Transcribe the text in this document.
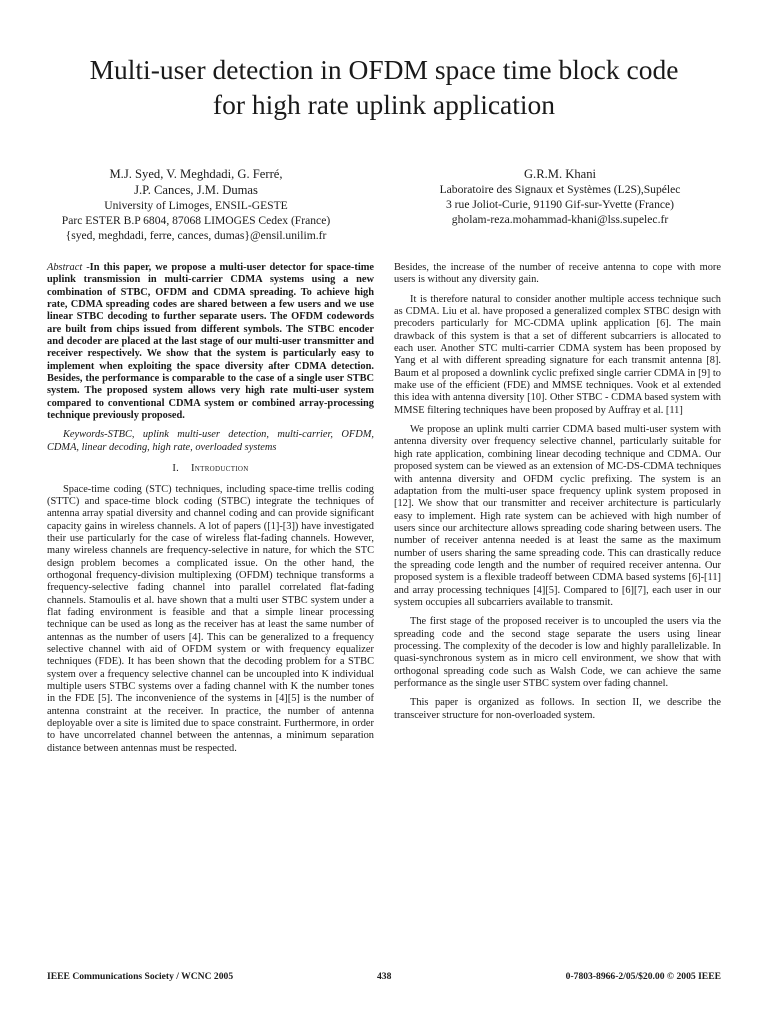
Multi-user detection in OFDM space time block code
for high rate uplink application
M.J. Syed, V. Meghdadi, G. Ferré,
J.P. Cances, J.M. Dumas
University of Limoges, ENSIL-GESTE
Parc ESTER B.P 6804, 87068 LIMOGES Cedex (France)
{syed, meghdadi, ferre, cances, dumas}@ensil.unilim.fr
G.R.M. Khani
Laboratoire des Signaux et Systèmes (L2S),Supélec
3 rue Joliot-Curie, 91190 Gif-sur-Yvette (France)
gholam-reza.mohammad-khani@lss.supelec.fr

Abstract -In this paper, we propose a multi-user detector for space-time uplink transmission in multi-carrier CDMA systems using a new combination of STBC, OFDM and CDMA spreading. To achieve high rate, CDMA spreading codes are shared between a few users and we use linear STBC decoding to further separate users. The OFDM codewords are built from chips issued from different symbols. The STBC encoder and decoder are placed at the last stage of our multi-user transmitter and receiver respectively. We show that the system is particularly easy to implement when exploiting the space diversity after CDMA detection. Besides, the performance is comparable to the case of a single user STBC system. The proposed system allows very high rate multi-user system compared to conventional CDMA system or combined array-processing technique previously proposed.

Keywords-STBC, uplink multi-user detection, multi-carrier, OFDM, CDMA, linear decoding, high rate, overloaded systems

I. Introduction

Space-time coding (STC) techniques, including space-time trellis coding (STTC) and space-time block coding (STBC) integrate the techniques of antenna array spatial diversity and channel coding and can provide significant capacity gains in wireless channels. A lot of papers ([1]-[3]) have investigated their use particularly for the case of wireless flat-fading channels. However, many wireless channels are frequency-selective in nature, for which the STC design problem becomes a complicated issue. On the other hand, the orthogonal frequency-division multiplexing (OFDM) technique transforms a frequency-selective fading channel into parallel correlated flat-fading channels. Stamoulis et al. have shown that a multi user STBC system under a flat fading environment is feasible and that a simple linear processing technique can be used as long as the receiver has at least the same number of antennas as the number of users [4]. This can be generalized to a frequency selective channel with aid of OFDM system or with frequency equalizer techniques (FDE). It has been shown that the decoding problem for a STBC system over a frequency selective channel can be uncoupled into K individual multiple users STBC systems over a fading channel with K the number tones in the FDE [5]. The inconvenience of the systems in [4][5] is the number of antenna constraint at the receiver. In practice, the number of antenna deployable over a site is limited due to space constraint. Furthermore, in order to have uncorrelated channel between the antennas, a minimum separation distance between antennas must be respected.

Besides, the increase of the number of receive antenna to cope with more users is without any diversity gain.

It is therefore natural to consider another multiple access technique such as CDMA. Liu et al. have proposed a generalized complex STBC design with precoders particularly for MC-CDMA uplink application [6]. The main drawback of this system is that a set of different subcarriers is allocated to each user. Another STC multi-carrier CDMA system has been proposed by Yang et al with different spreading signature for each transmit antenna [8]. Baum et al proposed a downlink cyclic prefixed single carrier CDMA in [9] to make use of the efficient (FDE) and MMSE techniques. Vook et al extended this idea with antenna diversity [10]. Other STBC - CDMA based system with MMSE filtering techniques have been proposed by Auffray et al. [11]

We propose an uplink multi carrier CDMA based multi-user system with antenna diversity over frequency selective channel, particularly suitable for high rate application, combining linear decoding technique and CDMA. Our proposed system can be viewed as an extension of MC-DS-CDMA techniques with antenna diversity and OFDM cyclic prefixing. The system is an adaptation from the multi-user space frequency uplink system proposed in [12]. We show that our transmitter and receiver architecture is particularly easy to implement. High rate system can be achieved with high number of users since our architecture allows spreading code sharing between users. The number of receiver antenna needed is at least the same as the maximum number of users sharing the same spreading code. This can drastically reduce the spreading code length and the number of required receiver antenna. Our proposed system is a flexible tradeoff between CDMA based systems [6]-[11] and array processing techniques [4][5]. Compared to [6][7], each user in our system occupies all subcarriers available to transmit.

The first stage of the proposed receiver is to uncoupled the users via the spreading code and the second stage separate the users using linear processing. The complexity of the decoder is low and highly parallelizable. In quasi-synchronous system as in micro cell environment, we show that with orthogonal spreading code such as Walsh Code, we can achieve the same performance as the single user STBC system over fading channel.

This paper is organized as follows. In section II, we describe the transceiver structure for non-overloaded system.

IEEE Communications Society / WCNC 2005	438	0-7803-8966-2/05/$20.00 © 2005 IEEE
